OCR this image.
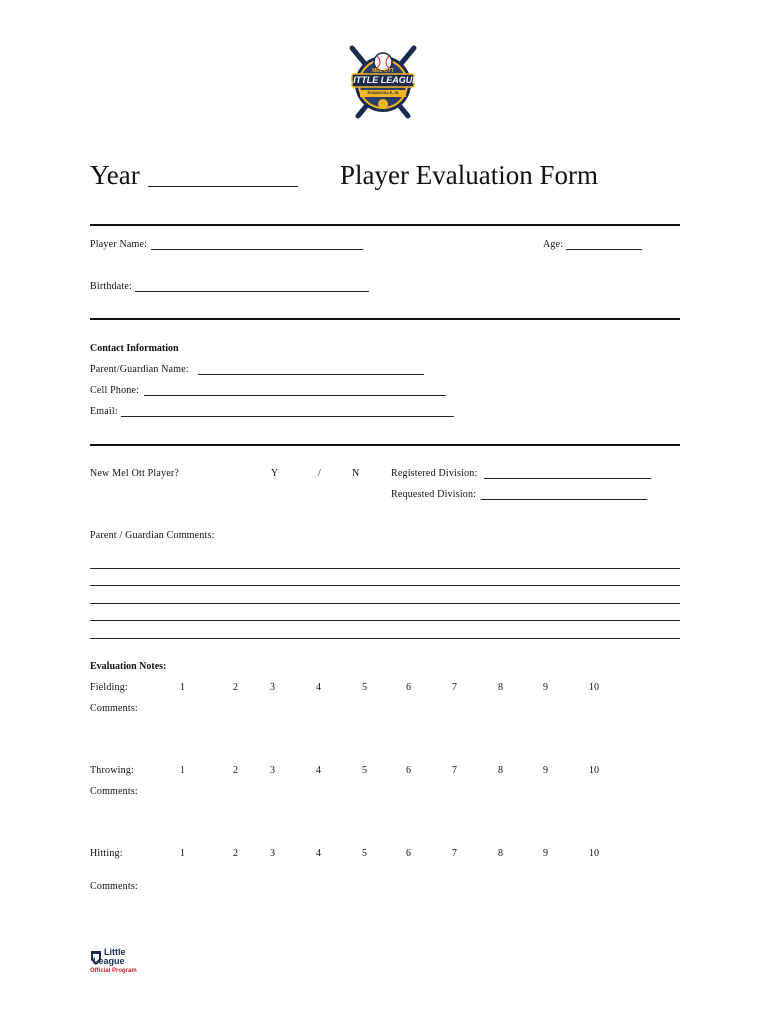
MEL OTT
LITTLE LEAGUE
EVANSVILLE, IN
Year	Player Evaluation Form
Player Name:	Age:
Birthdate:
Contact Information
Parent/Guardian Name:
Cell Phone:
Email:
New Mel Ott Player?	Y	/	N	Registered Division:
Requested Division:
Parent / Guardian Comments:
Evaluation Notes:
Fielding:	1	2	3	4	5	6	7	8	9	10
Comments:
Throwing:	1	2	3	4	5	6	7	8	9	10
Comments:
Hitting:	1	2	3	4	5	6	7	8	9	10
Comments:
Little
League
Official Program
